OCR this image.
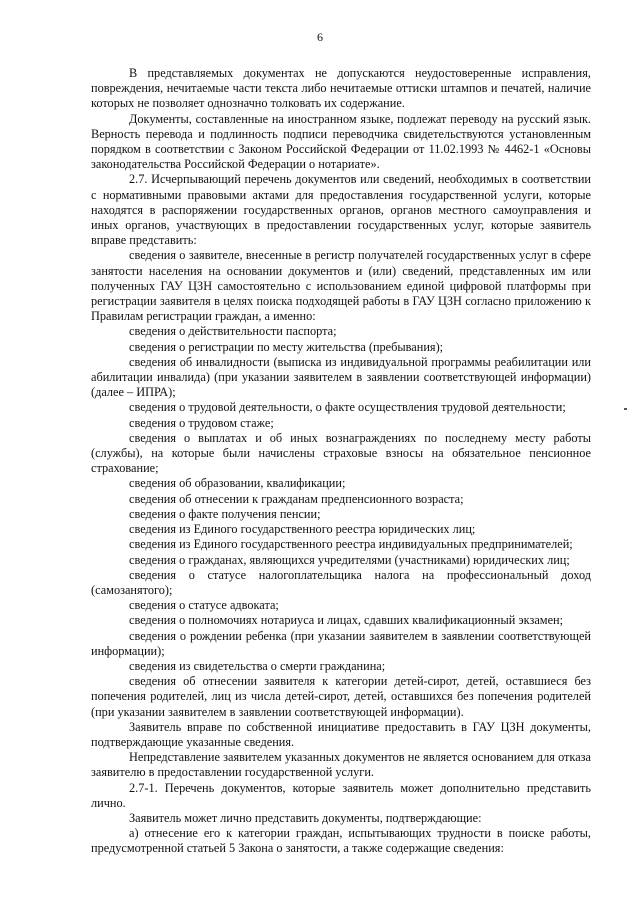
6

В представляемых документах не допускаются неудостоверенные исправления, повреждения, нечитаемые части текста либо нечитаемые оттиски штампов и печатей, наличие которых не позволяет однозначно толковать их содержание.

Документы, составленные на иностранном языке, подлежат переводу на русский язык. Верность перевода и подлинность подписи переводчика свидетельствуются установленным порядком в соответствии с Законом Российской Федерации от 11.02.1993 № 4462-1 «Основы законодательства Российской Федерации о нотариате».

2.7. Исчерпывающий перечень документов или сведений, необходимых в соответствии с нормативными правовыми актами для предоставления государственной услуги, которые находятся в распоряжении государственных органов, органов местного самоуправления и иных органов, участвующих в предоставлении государственных услуг, которые заявитель вправе представить:

сведения о заявителе, внесенные в регистр получателей государственных услуг в сфере занятости населения на основании документов и (или) сведений, представленных им или полученных ГАУ ЦЗН самостоятельно с использованием единой цифровой платформы при регистрации заявителя в целях поиска подходящей работы в ГАУ ЦЗН согласно приложению к Правилам регистрации граждан, а именно:

сведения о действительности паспорта;

сведения о регистрации по месту жительства (пребывания);

сведения об инвалидности (выписка из индивидуальной программы реабилитации или абилитации инвалида) (при указании заявителем в заявлении соответствующей информации) (далее – ИПРА);

сведения о трудовой деятельности, о факте осуществления трудовой деятельности;

сведения о трудовом стаже;

сведения о выплатах и об иных вознаграждениях по последнему месту работы (службы), на которые были начислены страховые взносы на обязательное пенсионное страхование;

сведения об образовании, квалификации;

сведения об отнесении к гражданам предпенсионного возраста;

сведения о факте получения пенсии;

сведения из Единого государственного реестра юридических лиц;

сведения из Единого государственного реестра индивидуальных предпринимателей;

сведения о гражданах, являющихся учредителями (участниками) юридических лиц;

сведения о статусе налогоплательщика налога на профессиональный доход (самозанятого);

сведения о статусе адвоката;

сведения о полномочиях нотариуса и лицах, сдавших квалификационный экзамен;

сведения о рождении ребенка (при указании заявителем в заявлении соответствующей информации);

сведения из свидетельства о смерти гражданина;

сведения об отнесении заявителя к категории детей-сирот, детей, оставшиеся без попечения родителей, лиц из числа детей-сирот, детей, оставшихся без попечения родителей (при указании заявителем в заявлении соответствующей информации).

Заявитель вправе по собственной инициативе предоставить в ГАУ ЦЗН документы, подтверждающие указанные сведения.

Непредставление заявителем указанных документов не является основанием для отказа заявителю в предоставлении государственной услуги.

2.7-1. Перечень документов, которые заявитель может дополнительно представить лично.

Заявитель может лично представить документы, подтверждающие:

а) отнесение его к категории граждан, испытывающих трудности в поиске работы, предусмотренной статьей 5 Закона о занятости, а также содержащие сведения:
